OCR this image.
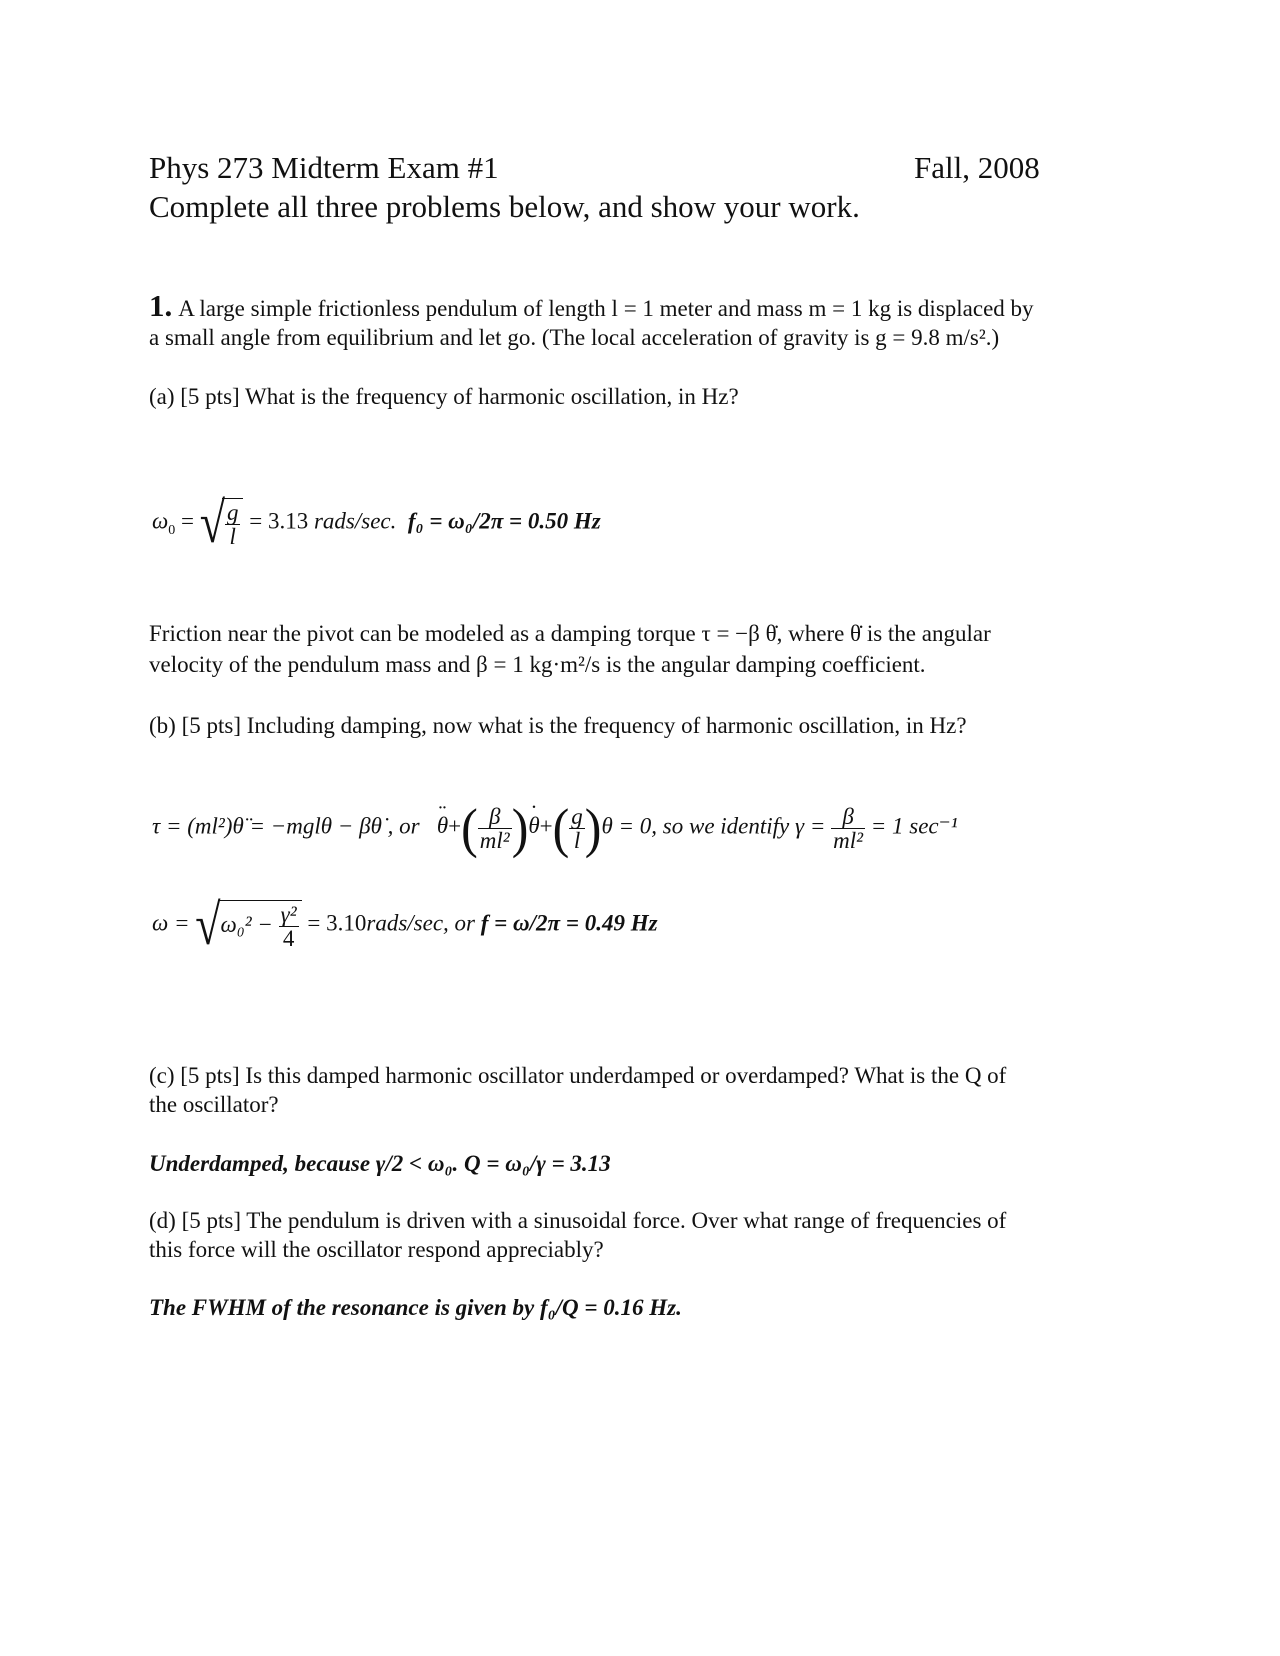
Phys 273 Midterm Exam #1	Fall, 2008
Complete all three problems below, and show your work.
1. A large simple frictionless pendulum of length l = 1 meter and mass m = 1 kg is displaced by
a small angle from equilibrium and let go. (The local acceleration of gravity is g = 9.8 m/s².)
(a) [5 pts] What is the frequency of harmonic oscillation, in Hz?
$\omega_0$ = √ $\frac{g}{l} = 3.13$ rads/sec. f₀ = ω₀/2π = 0.50 Hz
Friction near the pivot can be modeled as a damping torque τ = −β θ̇, where θ̇ is the angular
velocity of the pendulum mass and β = 1 kg·m²/s is the angular damping coefficient.
(b) [5 pts] Including damping, now what is the frequency of harmonic oscillation, in Hz?
τ = (ml²)θ̈ = −mglθ − βθ̇ , or   ¨ $\theta+( \frac{\beta}{\text{ml²}}$ )˙ $\theta+( \frac{g}{l} )\theta = 0$, so we identify $\gamma = \frac{\beta}{\text{ml²}} = 1$ sec⁻¹
$\omega = √\omega_0^2 - \frac{\text{γ²}}{4}$ = 3.10rads/sec, or f = ω/2π = 0.49 Hz
(c) [5 pts] Is this damped harmonic oscillator underdamped or overdamped? What is the Q of
the oscillator?
Underdamped, because γ/2 < ω₀. Q = ω₀/γ = 3.13
(d) [5 pts] The pendulum is driven with a sinusoidal force. Over what range of frequencies of
this force will the oscillator respond appreciably?
The FWHM of the resonance is given by f₀/Q = 0.16 Hz.
